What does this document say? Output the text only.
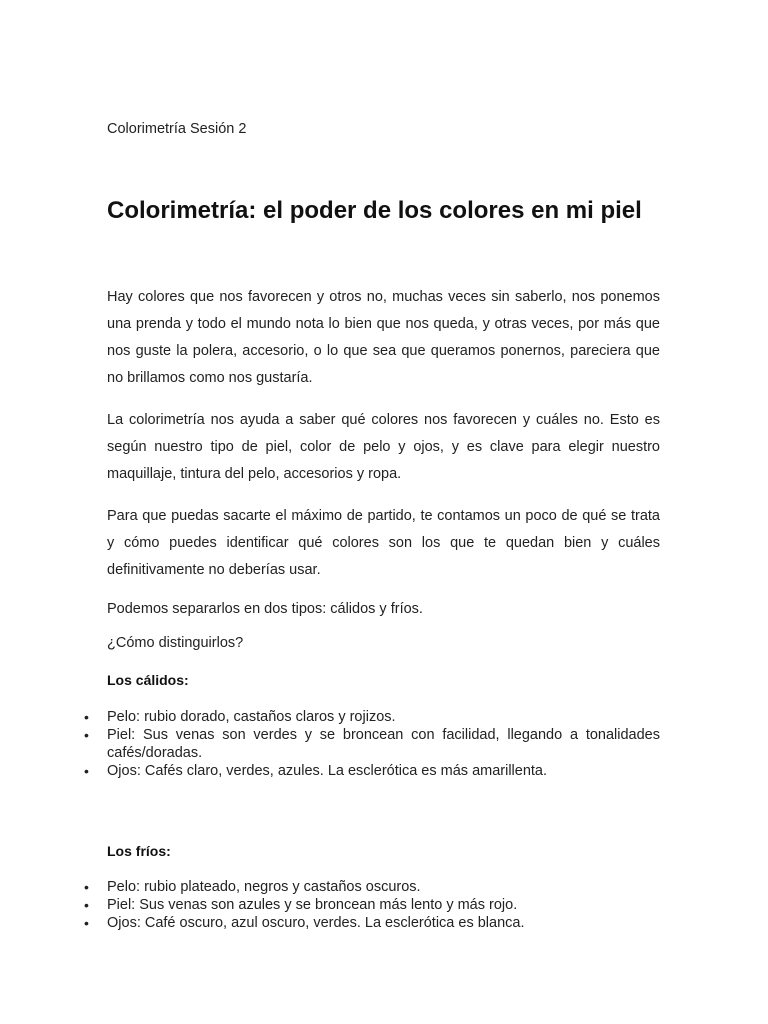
Colorimetría Sesión 2
Colorimetría: el poder de los colores en mi piel

Hay colores que nos favorecen y otros no, muchas veces sin saberlo, nos ponemos una prenda y todo el mundo nota lo bien que nos queda, y otras veces, por más que nos guste la polera, accesorio, o lo que sea que queramos ponernos, pareciera que no brillamos como nos gustaría.

La colorimetría nos ayuda a saber qué colores nos favorecen y cuáles no. Esto es según nuestro tipo de piel, color de pelo y ojos, y es clave para elegir nuestro maquillaje, tintura del pelo, accesorios y ropa.

Para que puedas sacarte el máximo de partido, te contamos un poco de qué se trata y cómo puedes identificar qué colores son los que te quedan bien y cuáles definitivamente no deberías usar.

Podemos separarlos en dos tipos: cálidos y fríos.

¿Cómo distinguirlos?

Los cálidos:

• Pelo: rubio dorado, castaños claros y rojizos.
• Piel: Sus venas son verdes y se broncean con facilidad, llegando a tonalidades cafés/doradas.
• Ojos: Cafés claro, verdes, azules. La esclerótica es más amarillenta.

Los fríos:

• Pelo: rubio plateado, negros y castaños oscuros.
• Piel: Sus venas son azules y se broncean más lento y más rojo.
• Ojos: Café oscuro, azul oscuro, verdes. La esclerótica es blanca.
